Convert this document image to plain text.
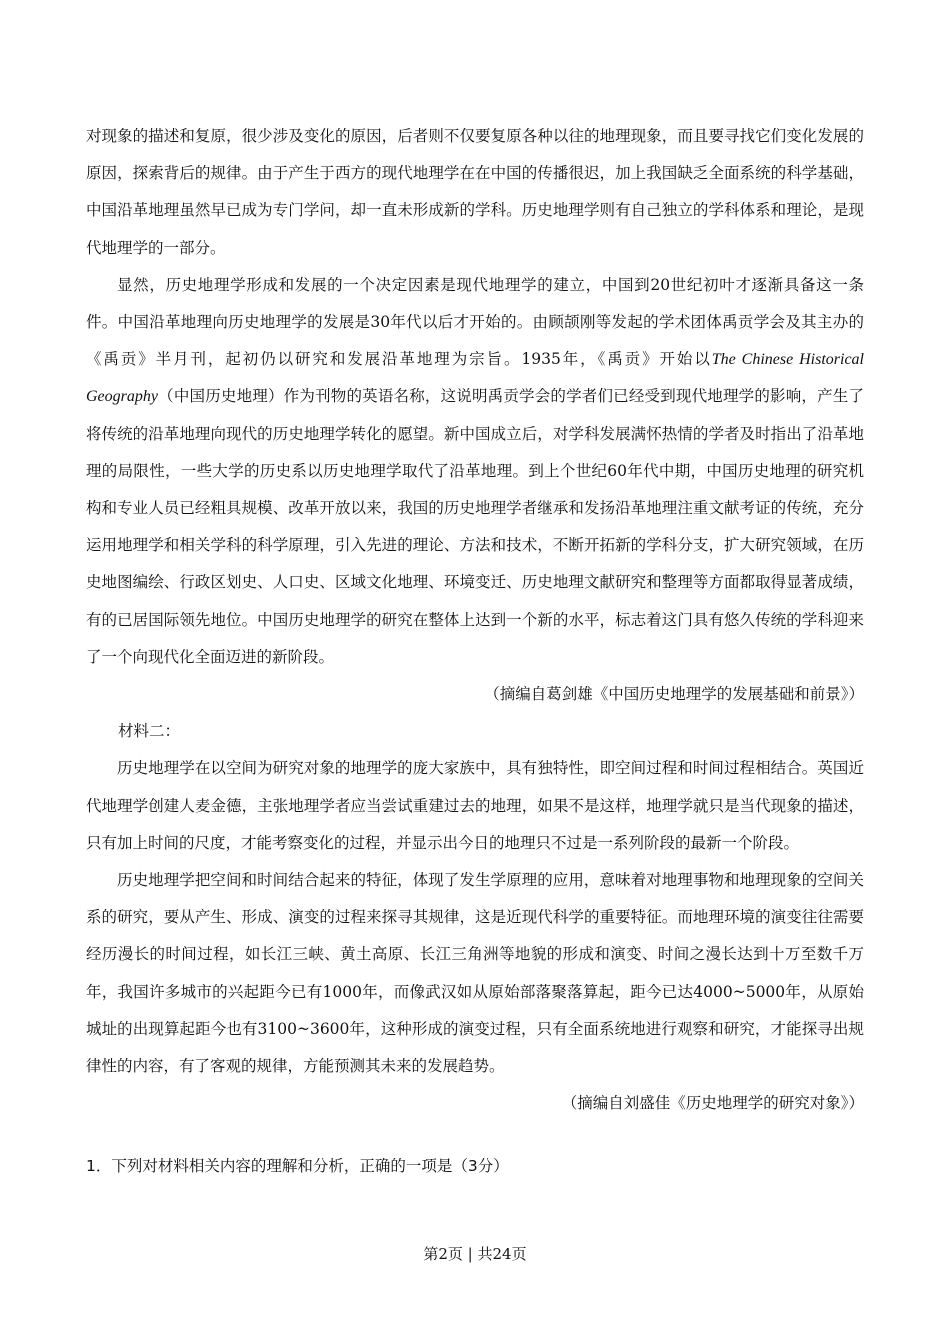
对现象的描述和复原，很少涉及变化的原因，后者则不仅要复原各种以往的地理现象，而且要寻找它们变化发展的原因，探索背后的规律。由于产生于西方的现代地理学在在中国的传播很迟，加上我国缺乏全面系统的科学基础，中国沿革地理虽然早已成为专门学问，却一直未形成新的学科。历史地理学则有自己独立的学科体系和理论，是现代地理学的一部分。

显然，历史地理学形成和发展的一个决定因素是现代地理学的建立，中国到20世纪初叶才逐渐具备这一条件。中国沿革地理向历史地理学的发展是30年代以后才开始的。由顾颉刚等发起的学术团体禹贡学会及其主办的《禹贡》半月刊，起初仍以研究和发展沿革地理为宗旨。1935年，《禹贡》开始以The Chinese Historical Geography（中国历史地理）作为刊物的英语名称，这说明禹贡学会的学者们已经受到现代地理学的影响，产生了将传统的沿革地理向现代的历史地理学转化的愿望。新中国成立后，对学科发展满怀热情的学者及时指出了沿革地理的局限性，一些大学的历史系以历史地理学取代了沿革地理。到上个世纪60年代中期，中国历史地理的研究机构和专业人员已经粗具规模、改革开放以来，我国的历史地理学者继承和发扬沿革地理注重文献考证的传统，充分运用地理学和相关学科的科学原理，引入先进的理论、方法和技术，不断开拓新的学科分支，扩大研究领域，在历史地图编绘、行政区划史、人口史、区域文化地理、环境变迁、历史地理文献研究和整理等方面都取得显著成绩，有的已居国际领先地位。中国历史地理学的研究在整体上达到一个新的水平，标志着这门具有悠久传统的学科迎来了一个向现代化全面迈进的新阶段。

（摘编自葛剑雄《中国历史地理学的发展基础和前景》）

材料二：

历史地理学在以空间为研究对象的地理学的庞大家族中，具有独特性，即空间过程和时间过程相结合。英国近代地理学创建人麦金德，主张地理学者应当尝试重建过去的地理，如果不是这样，地理学就只是当代现象的描述，只有加上时间的尺度，才能考察变化的过程，并显示出今日的地理只不过是一系列阶段的最新一个阶段。

历史地理学把空间和时间结合起来的特征，体现了发生学原理的应用，意味着对地理事物和地理现象的空间关系的研究，要从产生、形成、演变的过程来探寻其规律，这是近现代科学的重要特征。而地理环境的演变往往需要经历漫长的时间过程，如长江三峡、黄土高原、长江三角洲等地貌的形成和演变、时间之漫长达到十万至数千万年，我国许多城市的兴起距今已有1000年，而像武汉如从原始部落聚落算起，距今已达4000~5000年，从原始城址的出现算起距今也有3100~3600年，这种形成的演变过程，只有全面系统地进行观察和研究，才能探寻出规律性的内容，有了客观的规律，方能预测其未来的发展趋势。

（摘编自刘盛佳《历史地理学的研究对象》）

1．下列对材料相关内容的理解和分析，正确的一项是（3分）

第2页 | 共24页
